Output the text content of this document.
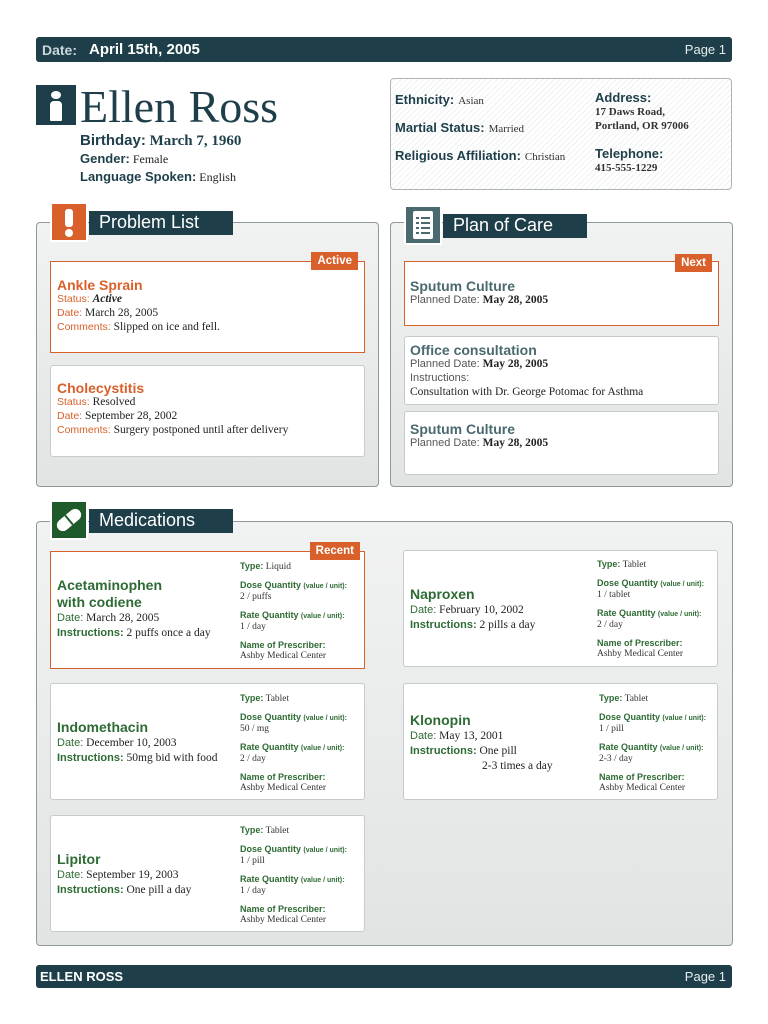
Date: April 15th, 2005	Page 1
Ellen Ross
Birthday: March 7, 1960
Gender: Female
Language Spoken: English
Ethnicity: Asian
Martial Status: Married
Religious Affiliation: Christian
Address:
17 Daws Road,
Portland, OR 97006
Telephone:
415-555-1229
Active
Ankle Sprain
Status: Active
Date: March 28, 2005
Comments: Slipped on ice and fell.
Cholecystitis
Status: Resolved
Date: September 28, 2002
Comments: Surgery postponed until after delivery
Problem List
Next
Sputum Culture
Planned Date: May 28, 2005
Office consultation
Planned Date: May 28, 2005
Instructions:
Consultation with Dr. George Potomac for Asthma
Sputum Culture
Planned Date: May 28, 2005
Plan of Care
Recent
Acetaminophen
with codiene
Date: March 28, 2005
Instructions: 2 puffs once a day
Type: Liquid
Dose Quantity (value / unit):
2 / puffs
Rate Quantity (value / unit):
1 / day
Name of Prescriber:
Ashby Medical Center
Naproxen
Date: February 10, 2002
Instructions: 2 pills a day
Type: Tablet
Dose Quantity (value / unit):
1 / tablet
Rate Quantity (value / unit):
2 / day
Name of Prescriber:
Ashby Medical Center
Indomethacin
Date: December 10, 2003
Instructions: 50mg bid with food
Type: Tablet
Dose Quantity (value / unit):
50 / mg
Rate Quantity (value / unit):
2 / day
Name of Prescriber:
Ashby Medical Center
Klonopin
Date: May 13, 2001
Instructions: One pill
2-3 times a day
Type: Tablet
Dose Quantity (value / unit):
1 / pill
Rate Quantity (value / unit):
2-3 / day
Name of Prescriber:
Ashby Medical Center
Lipitor
Date: September 19, 2003
Instructions: One pill a day
Type: Tablet
Dose Quantity (value / unit):
1 / pill
Rate Quantity (value / unit):
1 / day
Name of Prescriber:
Ashby Medical Center
Medications
ELLEN ROSS	Page 1
